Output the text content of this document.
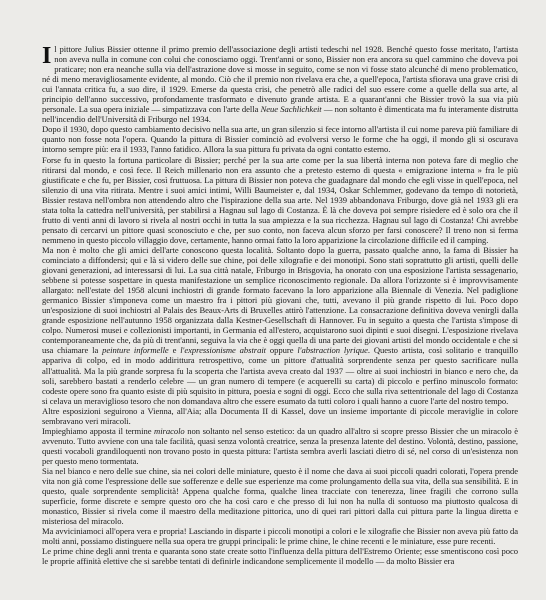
Il pittore Julius Bissier ottenne il primo premio dell'associazione degli artisti tedeschi nel 1928. Benché questo fosse meritato, l'artista non aveva nulla in comune con colui che conosciamo oggi. Trent'anni or sono, Bissier non era ancora su quel cammino che doveva poi praticare; non era neanche sulla via dell'astrazione dove si mosse in seguito, come se non vi fosse stato alcunché di meno problematico, né di meno meravigliosamente evidente, al mondo. Ciò che il premio non rivelava era che, a quell'epoca, l'artista sfiorava una grave crisi di cui l'annata critica fu, a suo dire, il 1929. Emerse da questa crisi, che penetrò alle radici del suo essere come a quelle della sua arte, al principio dell'anno successivo, profondamente trasformato e divenuto grande artista. E a quarant'anni che Bissier trovò la sua via più personale. La sua opera iniziale — simpatizzava con l'arte della Neue Sachlichkeit — non soltanto è dimenticata ma fu interamente distrutta nell'incendio dell'Università di Friburgo nel 1934.

Dopo il 1930, dopo questo cambiamento decisivo nella sua arte, un gran silenzio si fece intorno all'artista il cui nome pareva più familiare di quanto non fosse nota l'opera. Quando la pittura di Bissier cominciò ad evolversi verso le forme che ha oggi, il mondo gli si oscurava intorno sempre più: era il 1933, l'anno fatidico. Allora la sua pittura fu privata da ogni contatto esterno.

Forse fu in questo la fortuna particolare di Bissier; perché per la sua arte come per la sua libertà interna non poteva fare di meglio che ritirarsi dal mondo, e così fece. Il Reich millenario non era assunto che a pretesto esterno di questa « emigrazione interna » fra le più giustificate e che fu, per Bissier, così fruttuosa. La pittura di Bissier non poteva che guadagnare dal mondo che egli visse in quell'epoca, nel silenzio di una vita ritirata. Mentre i suoi amici intimi, Willi Baumeister e, dal 1934, Oskar Schlemmer, godevano da tempo di notorietà, Bissier restava nell'ombra non attendendo altro che l'ispirazione della sua arte. Nel 1939 abbandonava Friburgo, dove già nel 1933 gli era stata tolta la cattedra nell'università, per stabilirsi a Hagnau sul lago di Costanza. È là che doveva poi sempre risiedere ed è solo ora che il frutto di venti anni di lavoro si rivela al nostri occhi in tutta la sua ampiezza e la sua ricchezza. Hagnau sul lago di Costanza! Chi avrebbe pensato di cercarvi un pittore quasi sconosciuto e che, per suo conto, non faceva alcun sforzo per farsi conoscere? Il treno non si ferma nemmeno in questo piccolo villaggio dove, certamente, hanno ormai fatto la loro apparizione la circolazione difficile ed il camping.

Ma non è molto che gli amici dell'arte conoscono questa località. Soltanto dopo la guerra, passato qualche anno, la fama di Bissier ha cominciato a diffondersi; qui e là si videro delle sue chine, poi delle xilografie e dei monotipi. Sono stati soprattutto gli artisti, quelli delle giovani generazioni, ad interessarsi di lui. La sua città natale, Friburgo in Brisgovia, ha onorato con una esposizione l'artista sessagenario, sebbene si potesse sospettare in questa manifestazione un semplice riconoscimento regionale. Da allora l'orizzonte si è improvvisamente allargato: nell'estate del 1958 alcuni inchiostri di grande formato facevano la loro apparizione alla Biennale di Venezia. Nel padiglione germanico Bissier s'imponeva come un maestro fra i pittori più giovani che, tutti, avevano il più grande rispetto di lui. Poco dopo un'esposizione di suoi inchiostri al Palais des Beaux-Arts di Bruxelles attirò l'attenzione. La consacrazione definitiva doveva venirgli dalla grande esposizione nell'autunno 1958 organizzata dalla Kestner-Gesellschaft di Hannover. Fu in seguito a questa che l'artista s'impose di colpo. Numerosi musei e collezionisti importanti, in Germania ed all'estero, acquistarono suoi dipinti e suoi disegni. L'esposizione rivelava contemporaneamente che, da più di trent'anni, seguiva la via che è oggi quella di una parte dei giovani artisti del mondo occidentale e che si usa chiamare la peinture informelle e l'expressionisme abstrait oppure l'abstraction lyrique. Questo artista, così solitario e tranquillo appariva di colpo, ed in modo addirittura retrospettivo, come un pittore d'attualità sorprendente senza per questo sacrificare nulla all'attualità. Ma la più grande sorpresa fu la scoperta che l'artista aveva creato dal 1937 — oltre ai suoi inchiostri in bianco e nero che, da soli, sarebbero bastati a renderlo celebre — un gran numero di tempere (e acquerelli su carta) di piccolo e perfino minuscolo formato: codeste opere sono fra quanto esiste di più squisito in pittura, poesia e sogni di oggi. Ecco che sulla riva settentrionale del lago di Costanza si celava un meraviglioso tesoro che non domandava altro che essere esumato da tutti coloro i quali hanno a cuore l'arte del nostro tempo.

Altre esposizioni seguirono a Vienna, all'Aia; alla Documenta II di Kassel, dove un insieme importante di piccole meraviglie in colore sembravano veri miracoli.

Impieghiamo apposta il termine miracolo non soltanto nel senso estetico: da un quadro all'altro si scopre presso Bissier che un miracolo è avvenuto. Tutto avviene con una tale facilità, quasi senza volontà creatrice, senza la presenza latente del destino. Volontà, destino, passione, questi vocaboli grandiloquenti non trovano posto in questa pittura: l'artista sembra averli lasciati dietro di sé, nel corso di un'esistenza non per questo meno tormentata.

Sia nel bianco e nero delle sue chine, sia nei colori delle miniature, questo è il nome che dava ai suoi piccoli quadri colorati, l'opera prende vita non già come l'espressione delle sue sofferenze e delle sue esperienze ma come prolungamento della sua vita, della sua sensibilità. E in questo, quale sorprendente semplicità! Appena qualche forma, qualche linea tracciate con tenerezza, linee fragili che corrono sulla superficie, forme discrete e sempre questo oro che ha così caro e che presso di lui non ha nulla di sontuoso ma piuttosto qualcosa di monastico, Bissier si rivela come il maestro della meditazione pittorica, uno di quei rari pittori dalla cui pittura parte la lingua diretta e misteriosa del miracolo.

Ma avviciniamoci all'opera vera e propria! Lasciando in disparte i piccoli monotipi a colori e le xilografie che Bissier non aveva più fatto da molti anni, possiamo distinguere nella sua opera tre gruppi principali: le prime chine, le chine recenti e le miniature, esse pure recenti.

Le prime chine degli anni trenta e quaranta sono state create sotto l'influenza della pittura dell'Estremo Oriente; esse smentiscono così poco le proprie affinità elettive che si sarebbe tentati di definirle indicandone semplicemente il modello — da molto Bissier era
